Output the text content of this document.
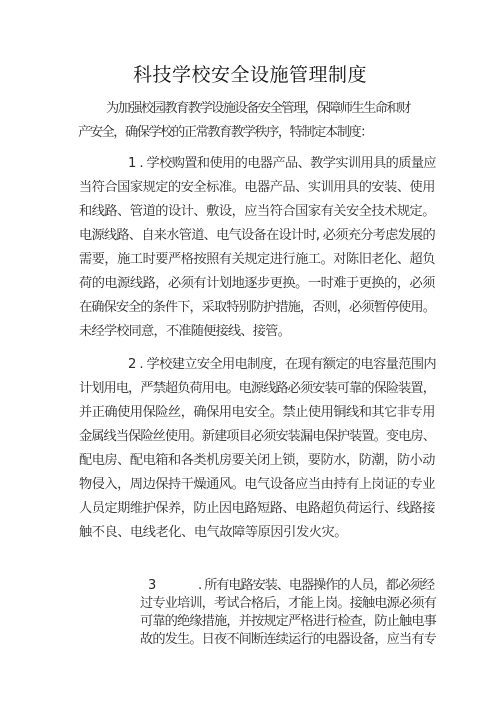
科技学校安全设施管理制度
为加强校园教育教学设施设备安全管理，保障师生生命和财
产安全，确保学校的正常教育教学秩序，特制定本制度：
1 . 学校购置和使用的电器产品、教学实训用具的质量应
当符合国家规定的安全标准。电器产品、实训用具的安装、使用
和线路、管道的设计、敷设，应当符合国家有关安全技术规定。
电源线路、自来水管道、电气设备在设计时, 必须充分考虑发展的
需要，施工时要严格按照有关规定进行施工。对陈旧老化、超负
荷的电源线路，必须有计划地逐步更换。一时难于更换的，必须
在确保安全的条件下，采取特别防护措施，否则，必须暂停使用。
未经学校同意，不准随便接线、接管。
2 . 学校建立安全用电制度，在现有额定的电容量范围内
计划用电，严禁超负荷用电。电源线路必须安装可靠的保险装置，
并正确使用保险丝，确保用电安全。禁止使用铜线和其它非专用
金属线当保险丝使用。新建项目必须安装漏电保护装置。变电房、
配电房、配电箱和各类机房要关闭上锁，要防水，防潮，防小动
物侵入，周边保持干燥通风。电气设备应当由持有上岗证的专业
人员定期维护保养，防止因电路短路、电路超负荷运行、线路接
触不良、电线老化、电气故障等原因引发火灾。
3	. 所有电路安装、电器操作的人员，都必须经
过专业培训，考试合格后，才能上岗。接触电源必须有
可靠的绝缘措施，并按规定严格进行检查，防止触电事
故的发生。日夜不间断连续运行的电器设备，应当有专
